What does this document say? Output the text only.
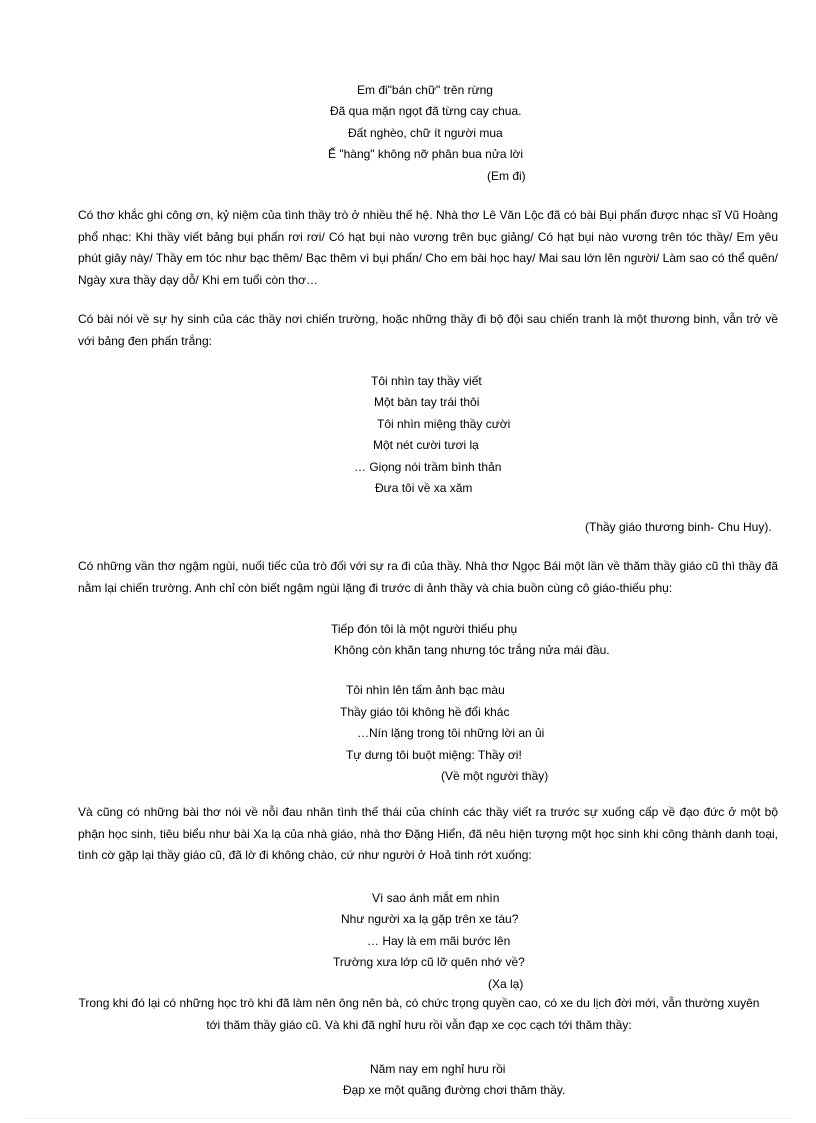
Em đi"bán chữ" trên rừng
Đã qua mặn ngọt đã từng cay chua.
Đất nghèo, chữ ít người mua
Ế "hàng" không nỡ phân bua nửa lời
(Em đi)
Có thơ khắc ghi công ơn, kỷ niệm của tình thầy trò ở nhiều thế hệ. Nhà thơ Lê Văn Lộc đã có bài Bụi phấn được nhạc sĩ Vũ Hoàng phổ nhạc: Khi thầy viết bảng bụi phấn rơi rơi/ Có hạt bụi nào vương trên bục giảng/ Có hạt bụi nào vương trên tóc thầy/ Em yêu phút giây này/ Thầy em tóc như bạc thêm/ Bạc thêm vì bụi phấn/ Cho em bài học hay/ Mai sau lớn lên người/ Làm sao có thể quên/ Ngày xưa thầy dạy dỗ/ Khi em tuổi còn thơ…
Có bài nói về sự hy sinh của các thầy nơi chiến trường, hoặc những thầy đi bộ đội sau chiến tranh là một thương binh, vẫn trở về với bảng đen phấn trắng:
Tôi nhìn tay thầy viết
Một bàn tay trái thôi
Tôi nhìn miệng thầy cười
Một nét cười tươi lạ
… Giọng nói trầm bình thản
Đưa tôi về xa xăm
(Thầy giáo thương binh- Chu Huy).
Có những vần thơ ngậm ngùi, nuối tiếc của trò đối với sự ra đi của thầy. Nhà thơ Ngọc Bái một lần về thăm thầy giáo cũ thì thầy đã nằm lại chiến trường. Anh chỉ còn biết ngậm ngùi lặng đi trước di ảnh thầy và chia buồn cùng cô giáo-thiếu phụ:
Tiếp đón tôi là một người thiếu phụ
Không còn khăn tang nhưng tóc trắng nửa mái đầu.
Tôi nhìn lên tấm ảnh bạc màu
Thầy giáo tôi không hề đổi khác
…Nín lặng trong tôi những lời an ủi
Tự dưng tôi buột miệng: Thầy ơi!
(Về một người thầy)
Và cũng có những bài thơ nói về nỗi đau nhân tình thế thái của chính các thầy viết ra trước sự xuống cấp về đạo đức ở một bộ phận học sinh, tiêu biểu như bài Xa lạ của nhà giáo, nhà thơ Đặng Hiển, đã nêu hiện tượng một học sinh khi công thành danh toại, tình cờ gặp lại thầy giáo cũ, đã lờ đi không chào, cứ như người ở Hoả tinh rớt xuống:
Vì sao ánh mắt em nhìn
Như người xa lạ gặp trên xe tàu?
… Hay là em mãi bước lên
Trường xưa lớp cũ lỡ quên nhớ về?
(Xa lạ)
Trong khi đó lại có những học trò khi đã làm nên ông nên bà, có chức trọng quyền cao, có xe du lịch đời mới, vẫn thường xuyên tới thăm thầy giáo cũ. Và khi đã nghỉ hưu rồi vẫn đạp xe cọc cạch tới thăm thầy:
Năm nay em nghỉ hưu rồi
Đạp xe một quãng đường chơi thăm thầy.
